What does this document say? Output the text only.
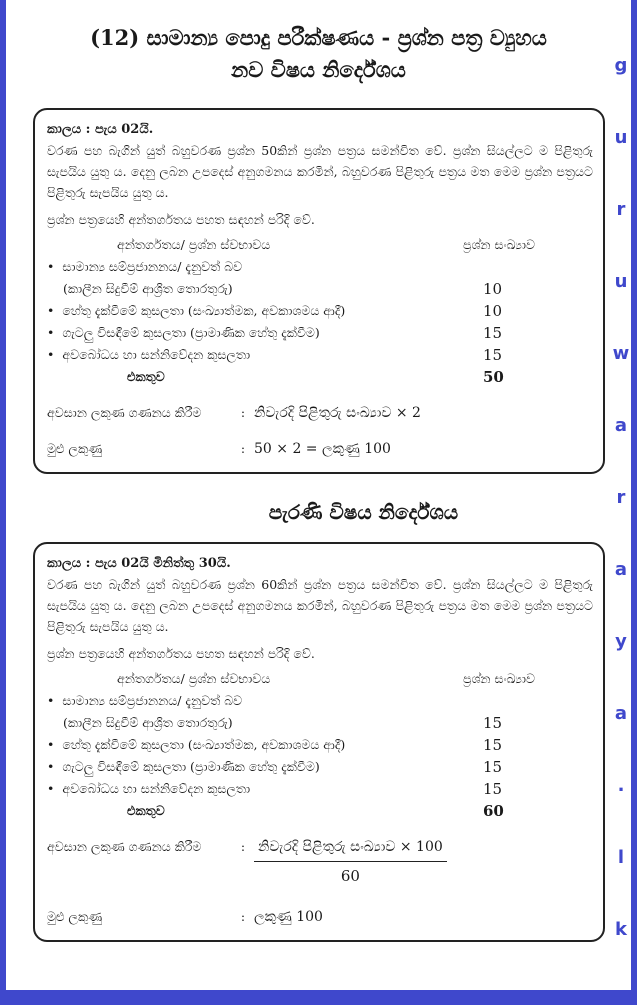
(12) සාමාන්‍ය පොදු පරීක්ෂණය - ප්‍රශ්න පත්‍ර ව්‍යුහය
නව විෂය නිර්දේශය
කාලය : පැය 02යි.
වරණ පහ බැගින් යුත් බහුවරණ ප්‍රශ්න 50කින් ප්‍රශ්න පත්‍රය සමන්විත වේ. ප්‍රශ්න සියල්ලට ම පිළිතුරු සැපයිය යුතු ය. දෙනු ලබන උපදෙස් අනුගමනය කරමින්, බහුවරණ පිළිතුරු පත්‍රය මත මෙම ප්‍රශ්න පත්‍රයට පිළිතුරු සැපයිය යුතු ය.
ප්‍රශ්න පත්‍රයෙහි අන්තර්ගතය පහත සඳහන් පරිදි වේ.
අන්තර්ගතය/ ප්‍රශ්න ස්වභාවය	ප්‍රශ්න සංඛ්‍යාව
• සාමාන්‍ය සම්ප්‍රජානනය/ දැනුවත් බව
(කාලීන සිදුවීම් ආශ්‍රිත තොරතුරු)	10
• හේතු දැක්වීමේ කුසලතා (සංඛ්‍යාත්මක, අවකාශමය ආදී)	10
• ගැටලු විසඳීමේ කුසලතා (ප්‍රාමාණික හේතු දැක්වීම)	15
• අවබෝධය හා සන්නිවේදන කුසලතා	15
එකතුව	50
අවසාන ලකුණ ගණනය කිරීම	: නිවැරදි පිළිතුරු සංඛ්‍යාව × 2
මුළු ලකුණු	: 50 × 2 = ලකුණු 100
පැරණි විෂය නිර්දේශය
කාලය : පැය 02යි මිනිත්තු 30යි.
වරණ පහ බැගින් යුත් බහුවරණ ප්‍රශ්න 60කින් ප්‍රශ්න පත්‍රය සමන්විත වේ. ප්‍රශ්න සියල්ලට ම පිළිතුරු සැපයිය යුතු ය. දෙනු ලබන උපදෙස් අනුගමනය කරමින්, බහුවරණ පිළිතුරු පත්‍රය මත මෙම ප්‍රශ්න පත්‍රයට පිළිතුරු සැපයිය යුතු ය.
ප්‍රශ්න පත්‍රයෙහි අන්තර්ගතය පහත සඳහන් පරිදි වේ.
අන්තර්ගතය/ ප්‍රශ්න ස්වභාවය	ප්‍රශ්න සංඛ්‍යාව
• සාමාන්‍ය සම්ප්‍රජානනය/ දැනුවත් බව
(කාලීන සිදුවීම් ආශ්‍රිත තොරතුරු)	15
• හේතු දැක්වීමේ කුසලතා (සංඛ්‍යාත්මක, අවකාශමය ආදී)	15
• ගැටලු විසඳීමේ කුසලතා (ප්‍රාමාණික හේතු දැක්වීම)	15
• අවබෝධය හා සන්නිවේදන කුසලතා	15
එකතුව	60
අවසාන ලකුණ ගණනය කිරීම	: $\frac{\text{නිවැරදි පිළිතුරු සංඛ්‍යාව × 100}}{60}$
මුළු ලකුණු	: ලකුණු 100
g
u
r
u
w
a
r
a
y
a
.
l
k
